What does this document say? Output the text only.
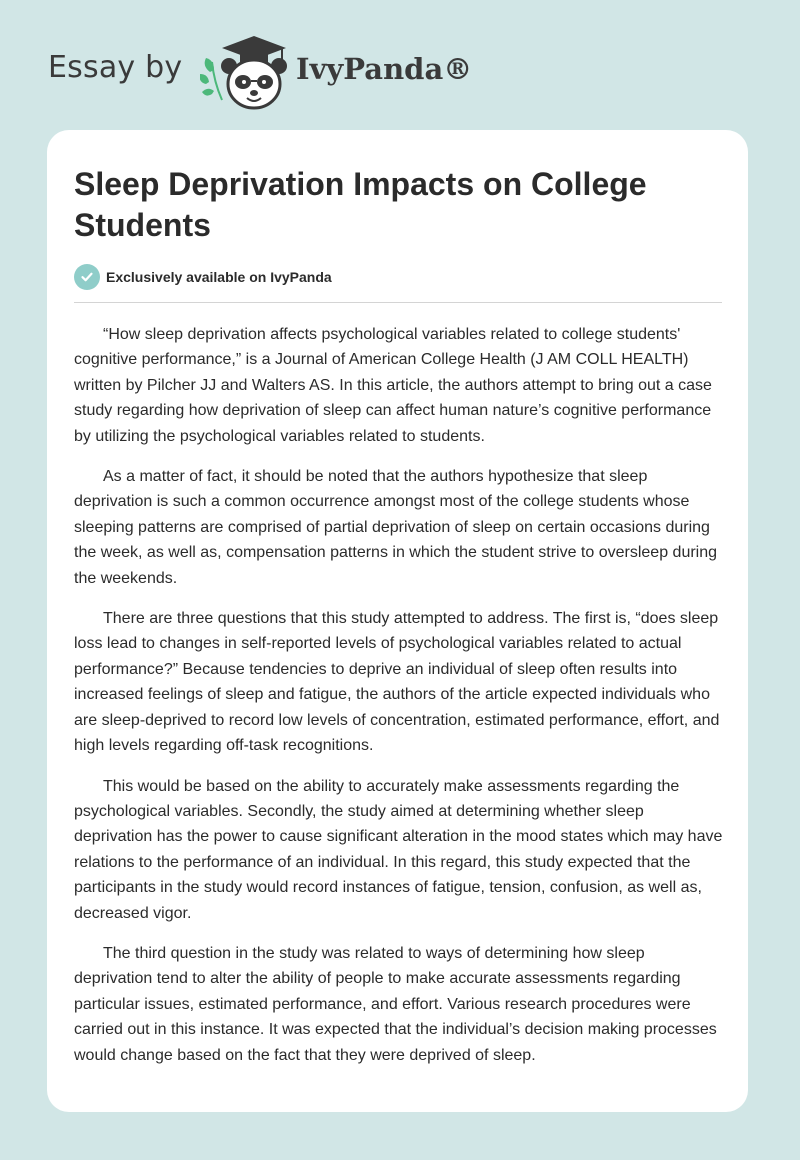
Essay by	IvyPanda®
Sleep Deprivation Impacts on College Students
Exclusively available on IvyPanda

“How sleep deprivation affects psychological variables related to college students' cognitive performance,” is a Journal of American College Health (J AM COLL HEALTH) written by Pilcher JJ and Walters AS. In this article, the authors attempt to bring out a case study regarding how deprivation of sleep can affect human nature’s cognitive performance by utilizing the psychological variables related to students.

As a matter of fact, it should be noted that the authors hypothesize that sleep deprivation is such a common occurrence amongst most of the college students whose sleeping patterns are comprised of partial deprivation of sleep on certain occasions during the week, as well as, compensation patterns in which the student strive to oversleep during the weekends.

There are three questions that this study attempted to address. The first is, “does sleep loss lead to changes in self-reported levels of psychological variables related to actual performance?” Because tendencies to deprive an individual of sleep often results into increased feelings of sleep and fatigue, the authors of the article expected individuals who are sleep-deprived to record low levels of concentration, estimated performance, effort, and high levels regarding off-task recognitions.

This would be based on the ability to accurately make assessments regarding the psychological variables. Secondly, the study aimed at determining whether sleep deprivation has the power to cause significant alteration in the mood states which may have relations to the performance of an individual. In this regard, this study expected that the participants in the study would record instances of fatigue, tension, confusion, as well as, decreased vigor.

The third question in the study was related to ways of determining how sleep deprivation tend to alter the ability of people to make accurate assessments regarding particular issues, estimated performance, and effort. Various research procedures were carried out in this instance. It was expected that the individual’s decision making processes would change based on the fact that they were deprived of sleep.
